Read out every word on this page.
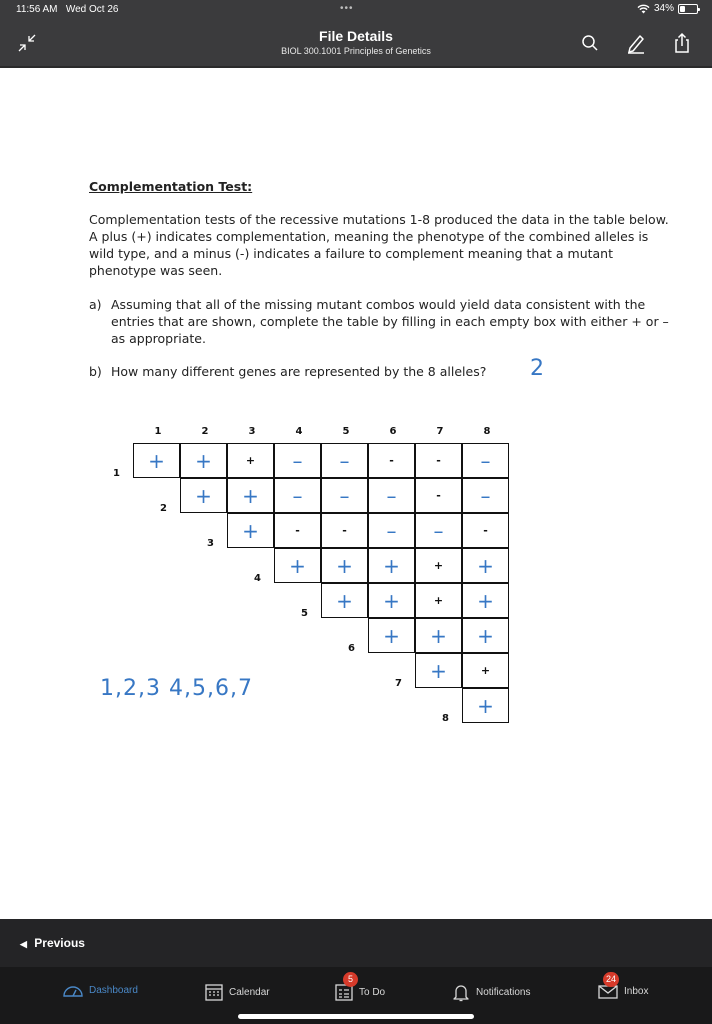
11:56 AM Wed Oct 26	•••	34%
File Details
BIOL 300.1001 Principles of Genetics
Complementation Test:

Complementation tests of the recessive mutations 1-8 produced the data in the table below. A plus (+) indicates complementation, meaning the phenotype of the combined alleles is wild type, and a minus (-) indicates a failure to complement meaning that a mutant phenotype was seen.

a) Assuming that all of the missing mutant combos would yield data consistent with the entries that are shown, complete the table by filling in each empty box with either + or – as appropriate.
b) How many different genes are represented by the 8 alleles? 2
1	2	3	4	5	6	7	8
1
+	+	+	–	–	-	-	–
2
+	+	–	–	–	-	–
3
+	-	-	–	–	-
4
+	+	+	+	+
5
+	+	+	+
6
+	+	+
7
+	+
8
+
1,2,3 4,5,6,7
◀ Previous
Dashboard	Calendar	To Do
5
Notifications	Inbox
24
